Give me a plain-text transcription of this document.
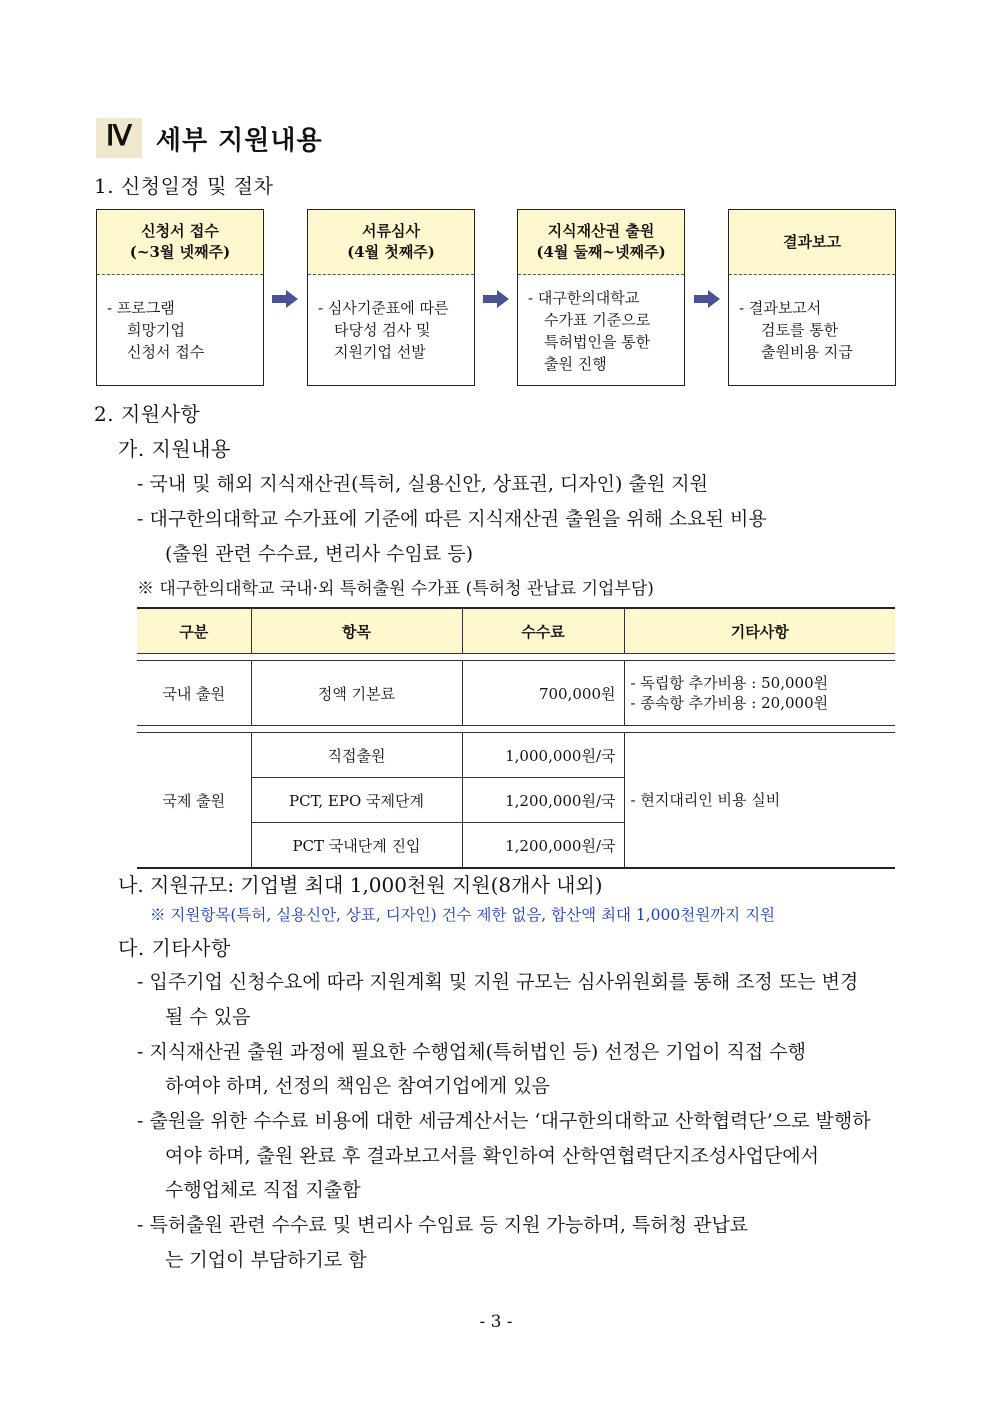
Ⅳ 세부 지원내용
1. 신청일정 및 절차
신청서 접수
(~3월 넷째주)
- 프로그램
희망기업
신청서 접수
서류심사
(4월 첫째주)
- 심사기준표에 따른
타당성 검사 및
지원기업 선발
지식재산권 출원
(4월 둘째~넷째주)
- 대구한의대학교
수가표 기준으로
특허법인을 통한
출원 진행
결과보고
- 결과보고서
검토를 통한
출원비용 지급
2. 지원사항
가. 지원내용
- 국내 및 해외 지식재산권(특허, 실용신안, 상표권, 디자인) 출원 지원
- 대구한의대학교 수가표에 기준에 따른 지식재산권 출원을 위해 소요된 비용
(출원 관련 수수료, 변리사 수임료 등)
※ 대구한의대학교 국내·외 특허출원 수가표 (특허청 관납료 기업부담)
구분	항목	수수료	기타사항

국내 출원	정액 기본료	700,000원	- 독립항 추가비용 : 50,000원
- 종속항 추가비용 : 20,000원

국제 출원	직접출원	1,000,000원/국	- 현지대리인 비용 실비
	PCT, EPO 국제단계	1,200,000원/국	
	PCT 국내단계 진입	1,200,000원/국	
나. 지원규모: 기업별 최대 1,000천원 지원(8개사 내외)
※ 지원항목(특허, 실용신안, 상표, 디자인) 건수 제한 없음, 합산액 최대 1,000천원까지 지원
다. 기타사항
- 입주기업 신청수요에 따라 지원계획 및 지원 규모는 심사위원회를 통해 조정 또는 변경
될 수 있음
- 지식재산권 출원 과정에 필요한 수행업체(특허법인 등) 선정은 기업이 직접 수행
하여야 하며, 선정의 책임은 참여기업에게 있음
- 출원을 위한 수수료 비용에 대한 세금계산서는 ‘대구한의대학교 산학협력단’으로 발행하
여야 하며, 출원 완료 후 결과보고서를 확인하여 산학연협력단지조성사업단에서
수행업체로 직접 지출함
- 특허출원 관련 수수료 및 변리사 수임료 등 지원 가능하며, 특허청 관납료
는 기업이 부담하기로 함
- 3 -
